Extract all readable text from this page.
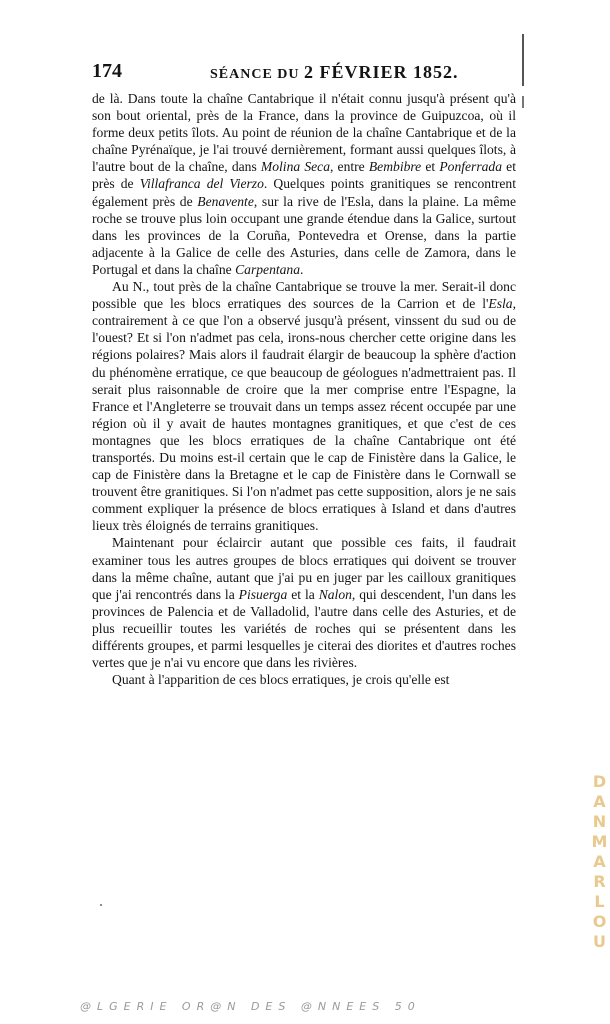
174	SÉANCE DU 2 FÉVRIER 1852.

de là. Dans toute la chaîne Cantabrique il n'était connu jusqu'à présent qu'à son bout oriental, près de la France, dans la province de Guipuzcoa, où il forme deux petits îlots. Au point de réunion de la chaîne Cantabrique et de la chaîne Pyrénaïque, je l'ai trouvé dernièrement, formant aussi quelques îlots, à l'autre bout de la chaîne, dans Molina Seca, entre Bembibre et Ponferrada et près de Villafranca del Vierzo. Quelques points granitiques se rencontrent également près de Benavente, sur la rive de l'Esla, dans la plaine. La même roche se trouve plus loin occupant une grande étendue dans la Galice, surtout dans les provinces de la Coruña, Pontevedra et Orense, dans la partie adjacente à la Galice de celle des Asturies, dans celle de Zamora, dans le Portugal et dans la chaîne Carpentana.

Au N., tout près de la chaîne Cantabrique se trouve la mer. Serait-il donc possible que les blocs erratiques des sources de la Carrion et de l'Esla, contrairement à ce que l'on a observé jusqu'à présent, vinssent du sud ou de l'ouest? Et si l'on n'admet pas cela, irons-nous chercher cette origine dans les régions polaires? Mais alors il faudrait élargir de beaucoup la sphère d'action du phénomène erratique, ce que beaucoup de géologues n'admettraient pas. Il serait plus raisonnable de croire que la mer comprise entre l'Espagne, la France et l'Angleterre se trouvait dans un temps assez récent occupée par une région où il y avait de hautes montagnes granitiques, et que c'est de ces montagnes que les blocs erratiques de la chaîne Cantabrique ont été transportés. Du moins est-il certain que le cap de Finistère dans la Galice, le cap de Finistère dans la Bretagne et le cap de Finistère dans le Cornwall se trouvent être granitiques. Si l'on n'admet pas cette supposition, alors je ne sais comment expliquer la présence de blocs erratiques à Island et dans d'autres lieux très éloignés de terrains granitiques.

Maintenant pour éclaircir autant que possible ces faits, il faudrait examiner tous les autres groupes de blocs erratiques qui doivent se trouver dans la même chaîne, autant que j'ai pu en juger par les cailloux granitiques que j'ai rencontrés dans la Pisuerga et la Nalon, qui descendent, l'un dans les provinces de Palencia et de Valladolid, l'autre dans celle des Asturies, et de plus recueillir toutes les variétés de roches qui se présentent dans les différents groupes, et parmi lesquelles je citerai des diorites et d'autres roches vertes que je n'ai vu encore que dans les rivières.

Quant à l'apparition de ces blocs erratiques, je crois qu'elle est

DANMARLOU
@LGERIE OR@N DES @NNEES 50
